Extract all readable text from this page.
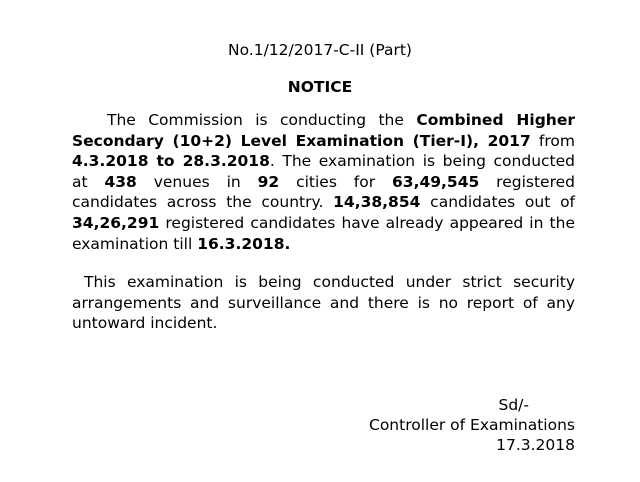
No.1/12/2017-C-II (Part)
NOTICE
The Commission is conducting the Combined Higher
Secondary (10+2) Level Examination (Tier-I), 2017 from
4.3.2018 to 28.3.2018. The examination is being conducted
at 438 venues in 92 cities for 63,49,545 registered
candidates across the country. 14,38,854 candidates out of
34,26,291 registered candidates have already appeared in the
examination till 16.3.2018.
This examination is being conducted under strict security
arrangements and surveillance and there is no report of any
untoward incident.
Sd/-
Controller of Examinations
17.3.2018
